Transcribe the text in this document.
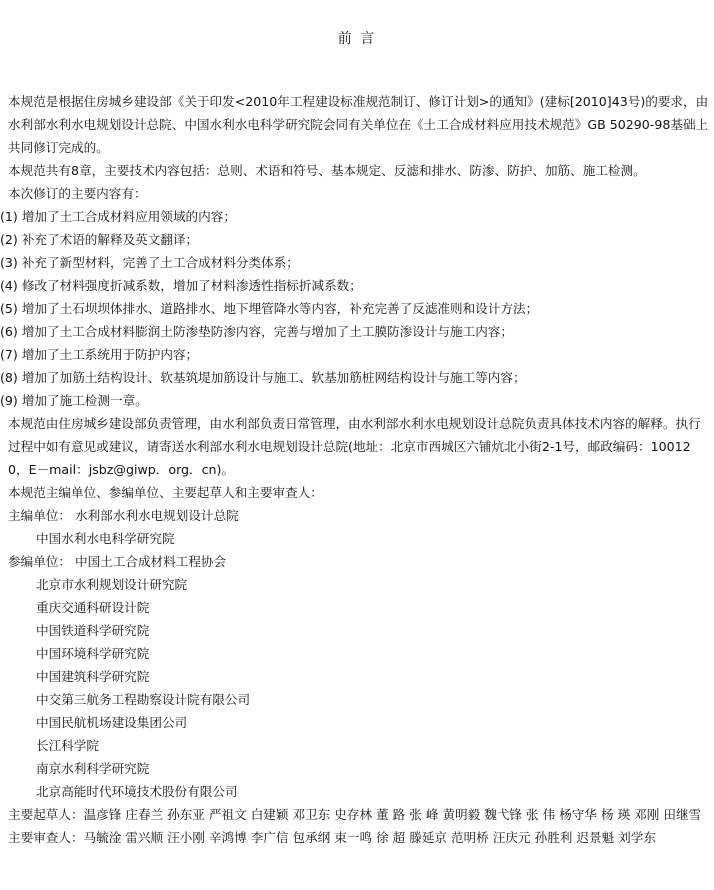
前 言
本规范是根据住房城乡建设部《关于印发<2010年工程建设标准规范制订、修订计划>的通知》(建标[2010]43号)的要求，由水利部水利水电规划设计总院、中国水利水电科学研究院会同有关单位在《土工合成材料应用技术规范》GB 50290-98基础上共同修订完成的。
本规范共有8章，主要技术内容包括：总则、术语和符号、基本规定、反滤和排水、防渗、防护、加筋、施工检测。
本次修订的主要内容有：
(1) 增加了土工合成材料应用领域的内容；
(2) 补充了术语的解释及英文翻译；
(3) 补充了新型材料，完善了土工合成材料分类体系；
(4) 修改了材料强度折减系数，增加了材料渗透性指标折减系数；
(5) 增加了土石坝坝体排水、道路排水、地下埋管降水等内容，补充完善了反滤准则和设计方法；
(6) 增加了土工合成材料膨润土防渗垫防渗内容，完善与增加了土工膜防渗设计与施工内容；
(7) 增加了土工系统用于防护内容；
(8) 增加了加筋土结构设计、软基筑堤加筋设计与施工、软基加筋桩网结构设计与施工等内容；
(9) 增加了施工检测一章。
本规范由住房城乡建设部负责管理，由水利部负责日常管理，由水利部水利水电规划设计总院负责具体技术内容的解释。执行过程中如有意见或建议，请寄送水利部水利水电规划设计总院(地址：北京市西城区六铺炕北小街2-1号，邮政编码：100120，E－mail：jsbz@giwp．org．cn)。
本规范主编单位、参编单位、主要起草人和主要审查人：
主编单位： 水利部水利水电规划设计总院
中国水利水电科学研究院
参编单位： 中国土工合成材料工程协会
北京市水利规划设计研究院
重庆交通科研设计院
中国铁道科学研究院
中国环境科学研究院
中国建筑科学研究院
中交第三航务工程勘察设计院有限公司
中国民航机场建设集团公司
长江科学院
南京水利科学研究院
北京高能时代环境技术股份有限公司
主要起草人：温彦锋 庄春兰 孙东亚 严祖文 白建颖 邓卫东 史存林 董 路 张 峰 黄明毅 魏弋锋 张 伟 杨守华 杨 瑛 邓刚 田继雪
主要审查人：马毓淦 雷兴顺 汪小刚 辛鸿博 李广信 包承纲 束一鸣 徐 超 滕延京 范明桥 汪庆元 孙胜利 迟景魁 刘学东
